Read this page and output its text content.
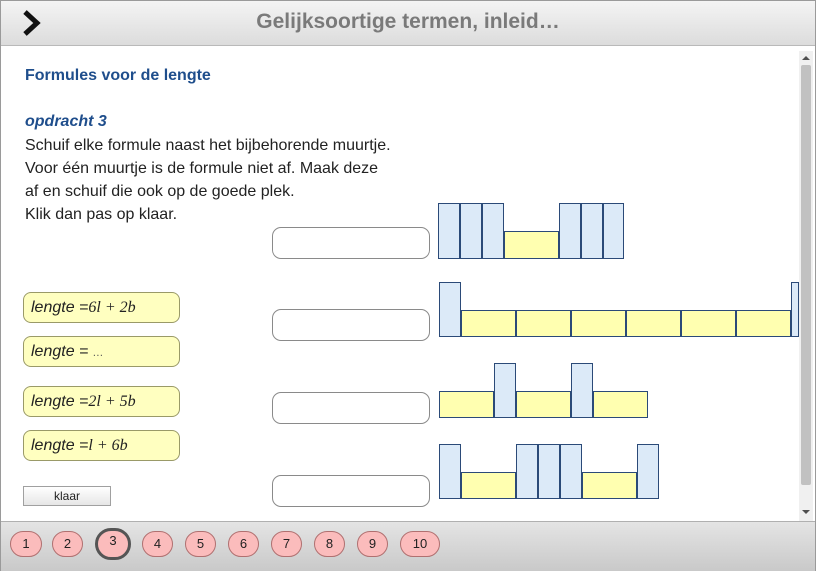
Gelijksoortige termen, inleid…
Formules voor de lengte
opdracht 3
Schuif elke formule naast het bijbehorende muurtje.
Voor één muurtje is de formule niet af. Maak deze
af en schuif die ook op de goede plek.
Klik dan pas op klaar.
lengte =6l + 2b
lengte = …
lengte =2l + 5b
lengte =l + 6b
klaar
1	2	3	4	5	6	7	8	9	10
